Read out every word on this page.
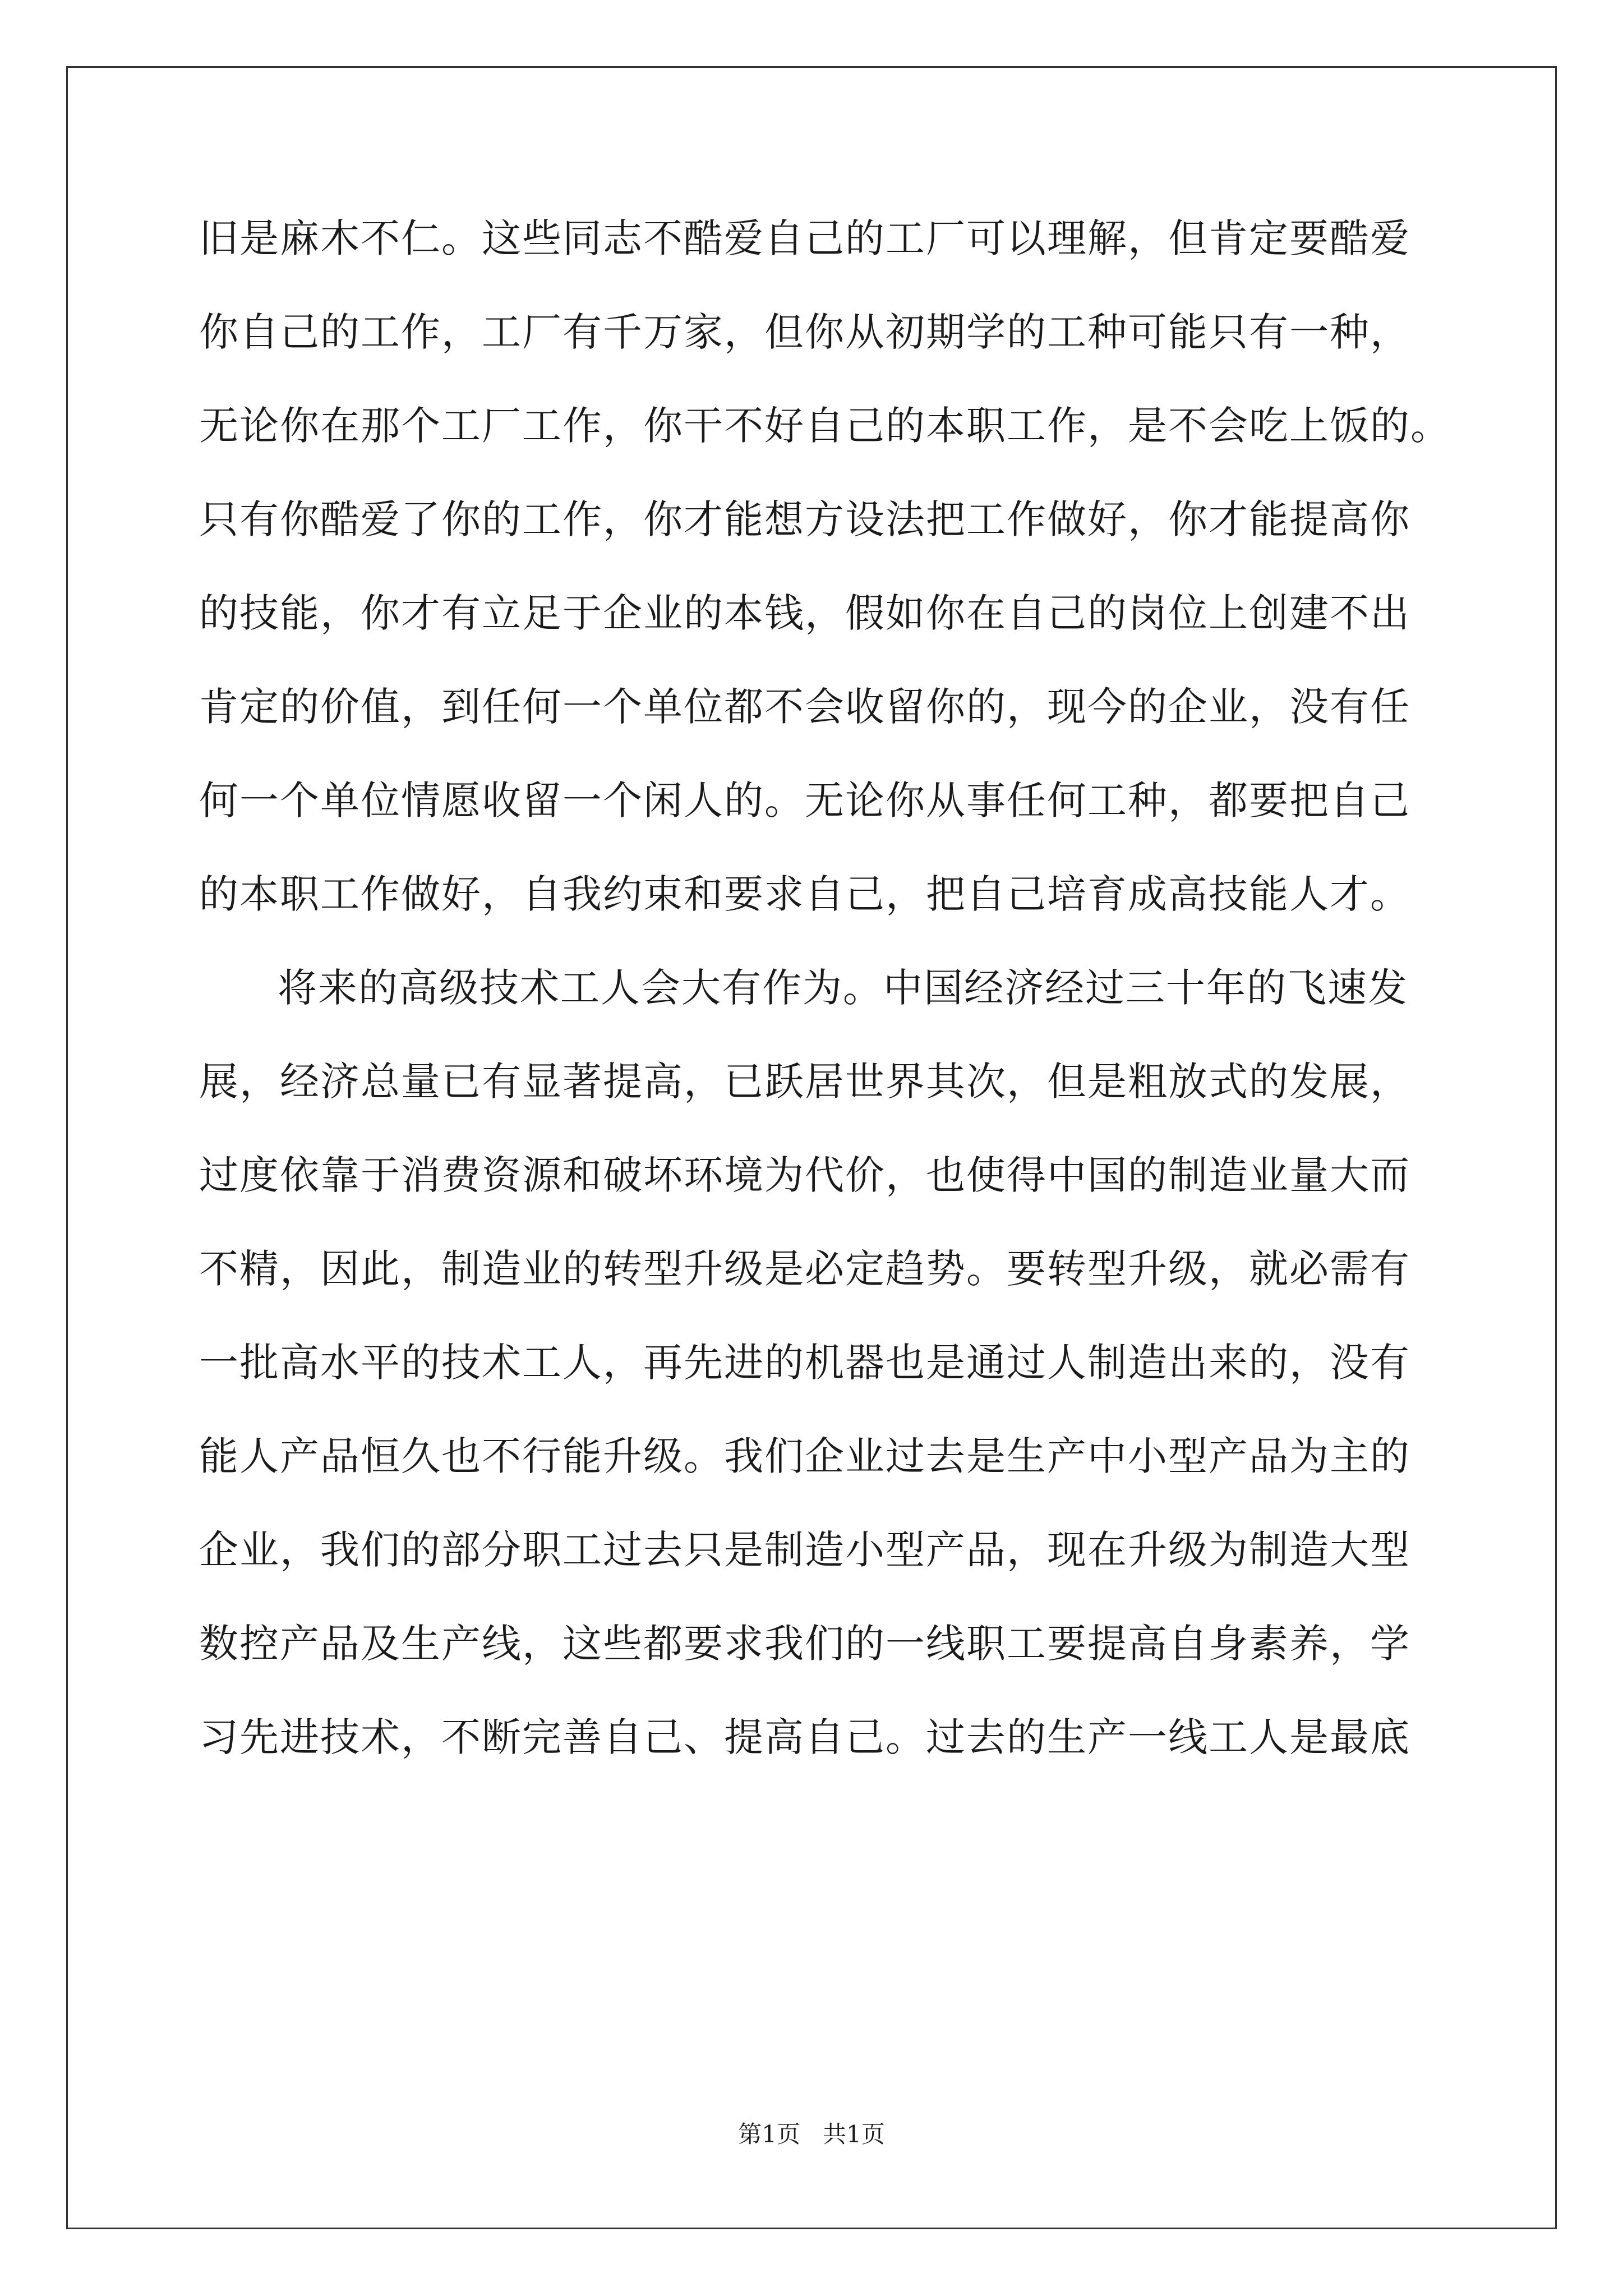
旧是麻木不仁。这些同志不酷爱自己的工厂可以理解，但肯定要酷爱
你自己的工作，工厂有千万家，但你从初期学的工种可能只有一种，
无论你在那个工厂工作，你干不好自己的本职工作，是不会吃上饭的。
只有你酷爱了你的工作，你才能想方设法把工作做好，你才能提高你
的技能，你才有立足于企业的本钱，假如你在自己的岗位上创建不出
肯定的价值，到任何一个单位都不会收留你的，现今的企业，没有任
何一个单位情愿收留一个闲人的。无论你从事任何工种，都要把自己
的本职工作做好，自我约束和要求自己，把自己培育成高技能人才。
将来的高级技术工人会大有作为。中国经济经过三十年的飞速发
展，经济总量已有显著提高，已跃居世界其次，但是粗放式的发展，
过度依靠于消费资源和破坏环境为代价，也使得中国的制造业量大而
不精，因此，制造业的转型升级是必定趋势。要转型升级，就必需有
一批高水平的技术工人，再先进的机器也是通过人制造出来的，没有
能人产品恒久也不行能升级。我们企业过去是生产中小型产品为主的
企业，我们的部分职工过去只是制造小型产品，现在升级为制造大型
数控产品及生产线，这些都要求我们的一线职工要提高自身素养，学
习先进技术，不断完善自己、提高自己。过去的生产一线工人是最底
第1页   共1页
